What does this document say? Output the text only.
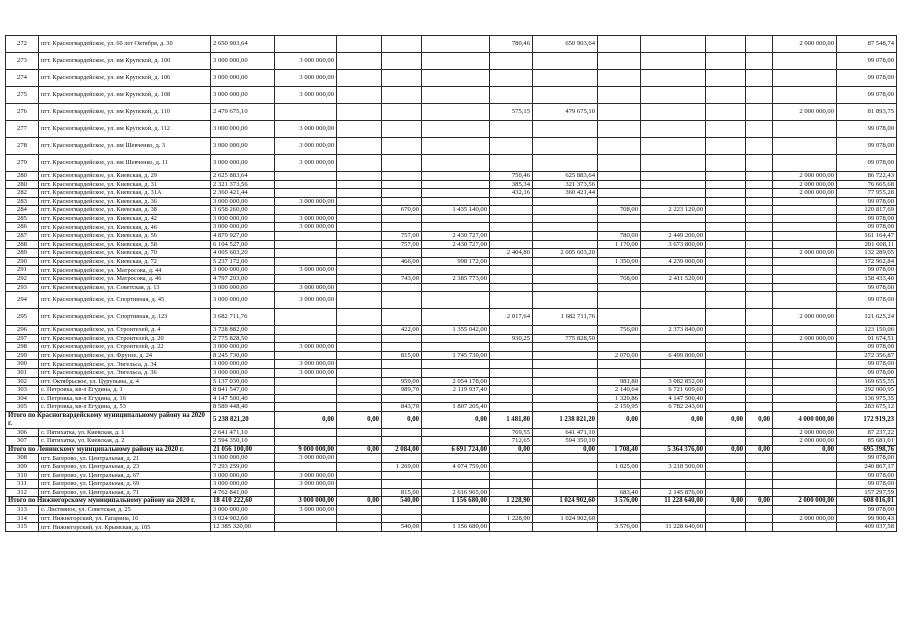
272	пгт. Красногвардейское, ул. 60 лет Октября, д. 30	2 650 903,64					780,46	650 903,64					2 000 000,00	87 548,74
273	пгт. Красногвардейское, ул. им Крупской, д. 100	3 000 000,00	3 000 000,00											99 078,00
274	пгт. Красногвардейское, ул. им Крупской, д. 106	3 000 000,00	3 000 000,00											99 078,00
275	пгт. Красногвардейское, ул. им Крупской, д. 108	3 000 000,00	3 000 000,00											99 078,00
276	пгт. Красногвардейское, ул. им Крупской, д. 110	2 479 675,10					575,15	479 675,10					2 000 000,00	81 893,75
277	пгт. Красногвардейское, ул. им Крупской, д. 112	3 000 000,00	3 000 000,00											99 078,00
278	пгт. Красногвардейское, ул. им Шевченко, д. 3	3 000 000,00	3 000 000,00											99 078,00
279	пгт. Красногвардейское, ул. им Шевченко, д. 11	3 000 000,00	3 000 000,00											99 078,00
280	пгт. Красногвардейское, ул. Киевская, д. 29	2 625 883,64					750,46	625 883,64					2 000 000,00	86 722,43
280	пгт. Красногвардейское, ул. Киевская, д. 31	2 321 373,56					385,34	321 373,56					2 000 000,00	76 665,68
282	пгт. Красногвардейское, ул. Киевская, д. 31А	2 360 421,44					432,16	360 421,44					2 000 000,00	77 955,28
283	пгт. Красногвардейское, ул. Киевская, д. 36	3 000 000,00	3 000 000,00											99 078,00
284	пгт. Красногвардейское, ул. Киевская, д. 38	3 658 260,00			670,00	1 435 140,00			708,00	2 223 120,00				120 817,69
285	пгт. Красногвардейское, ул. Киевская, д. 42	3 000 000,00	3 000 000,00											99 078,00
286	пгт. Красногвардейское, ул. Киевская, д. 46	3 000 000,00	3 000 000,00											99 078,00
287	пгт. Красногвардейское, ул. Киевская, д. 56	4 879 927,00			757,00	2 430 727,00			780,00	2 449 200,00				161 164,47
288	пгт. Красногвардейское, ул. Киевская, д. 58	6 104 527,00			757,00	2 430 727,00			1 170,00	3 673 800,00				201 608,11
289	пгт. Красногвардейское, ул. Киевская, д. 70	4 005 603,20					2 404,80	2 005 603,20					2 000 000,00	132 289,05
290	пгт. Красногвардейское, ул. Киевская, д. 72	5 237 172,00			466,00	998 172,00			1 350,00	4 239 000,00				172 962,84
291	пгт. Красногвардейское, ул. Матросова, д. 44	3 000 000,00	3 000 000,00											99 078,00
292	пгт. Красногвардейское, ул. Матросова, д. 46	4 797 293,00			743,00	2 385 773,00			768,00	2 411 520,00				158 433,40
293	пгт. Красногвардейское, ул. Советская, д. 13	3 000 000,00	3 000 000,00											99 078,00
294	пгт. Красногвардейское, ул. Спортивная, д. 45	3 000 000,00	3 000 000,00											99 078,00
295	пгт. Красногвардейское, ул. Спортивная, д. 123	3 682 711,76					2 017,64	1 682 711,76					2 000 000,00	121 625,24
296	пгт. Красногвардейское, ул. Строителей, д. 4	3 728 882,00			422,00	1 355 042,00			756,00	2 373 840,00				123 150,06
297	пгт. Красногвардейское, ул. Строителей, д. 20	2 775 828,50					930,25	775 828,50					2 000 000,00	91 674,51
298	пгт. Красногвардейское, ул. Строителей, д. 22	3 000 000,00	3 000 000,00											99 078,00
299	пгт. Красногвардейское, ул. Фрунзе, д. 24	8 245 730,00			815,00	1 745 730,00			2 070,00	6 499 800,00				272 356,87
300	пгт. Красногвардейское, ул. Энгельса, д. 34	3 000 000,00	3 000 000,00											99 078,00
301	пгт. Красногвардейское, ул. Энгельса, д. 36	3 000 000,00	3 000 000,00											99 078,00
302	пгт. Октябрьское, ул. Цурупына, д. 4	5 137 030,00			959,00	2 054 178,00			981,80	3 082 852,00				169 655,55
303	с. Петровка, кв-л Егудина, д. 1	8 841 547,00			989,70	2 119 937,40			2 140,64	6 721 609,60				292 000,95
304	с. Петровка, кв-л Егудина, д. 16	4 147 500,40							1 320,86	4 147 500,40				136 975,35
305	с. Петровка, кв-л Егудина, д. 53	8 589 448,40			843,70	1 807 205,40			2 159,95	6 782 243,00				283 675,12
Итого по Красногвардейскому муниципальному району на 2020 г.		5 238 821,20	0,00	0,00	0,00	0,00	1 481,80	1 238 821,20	0,00	0,00	0,00	0,00	4 000 000,00	172 919,23
306	с. Пятихатка, ул. Киевская, д. 1	2 641 471,10					769,55	641 471,10					2 000 000,00	87 237,22
307	с. Пятихатка, ул. Киевская, д. 2	2 594 350,10					712,65	594 350,10					2 000 000,00	85 681,01
Итого по Ленинскому муниципальному району на 2020 г.		21 056 100,00	9 000 000,00	0,00	2 084,00	6 691 724,00	0,00	0,00	1 708,40	5 364 376,00	0,00	0,00	0,00	695 398,76
308	пгт. Багерово, ул. Центральная, д. 21	3 000 000,00	3 000 000,00											99 078,00
309	пгт. Багерово, ул. Центральная, д. 23	7 293 259,00			1 269,00	4 074 759,00			1 025,00	3 218 500,00				240 867,17
310	пгт. Багерово, ул. Центральная, д. 67	3 000 000,00	3 000 000,00											99 078,00
311	пгт. Багерово, ул. Центральная, д. 69	3 000 000,00	3 000 000,00											99 078,00
312	пгт. Багерово, ул. Центральная, д. 71	4 762 841,00			815,00	2 616 965,00			683,40	2 145 876,00				157 297,59
Итого по Нижнегорскому муниципальному району на 2020 г.		18 410 222,60	3 000 000,00	0,00	540,00	1 156 680,00	1 228,90	1 024 902,60	3 576,00	11 228 640,00	0,00	0,00	2 000 000,00	608 016,01
313	с. Листвяное, ул. Советская, д. 25	3 000 000,00	3 000 000,00											99 078,00
314	пгт. Нижнегорский, ул. Гагарина, 16	3 024 902,60					1 228,90	1 024 902,60					2 000 000,00	99 900,43
315	пгт. Нижнегорский, ул. Крымская, д. 105	12 385 320,00			540,00	1 156 680,00			3 576,00	11 228 640,00				409 037,58
